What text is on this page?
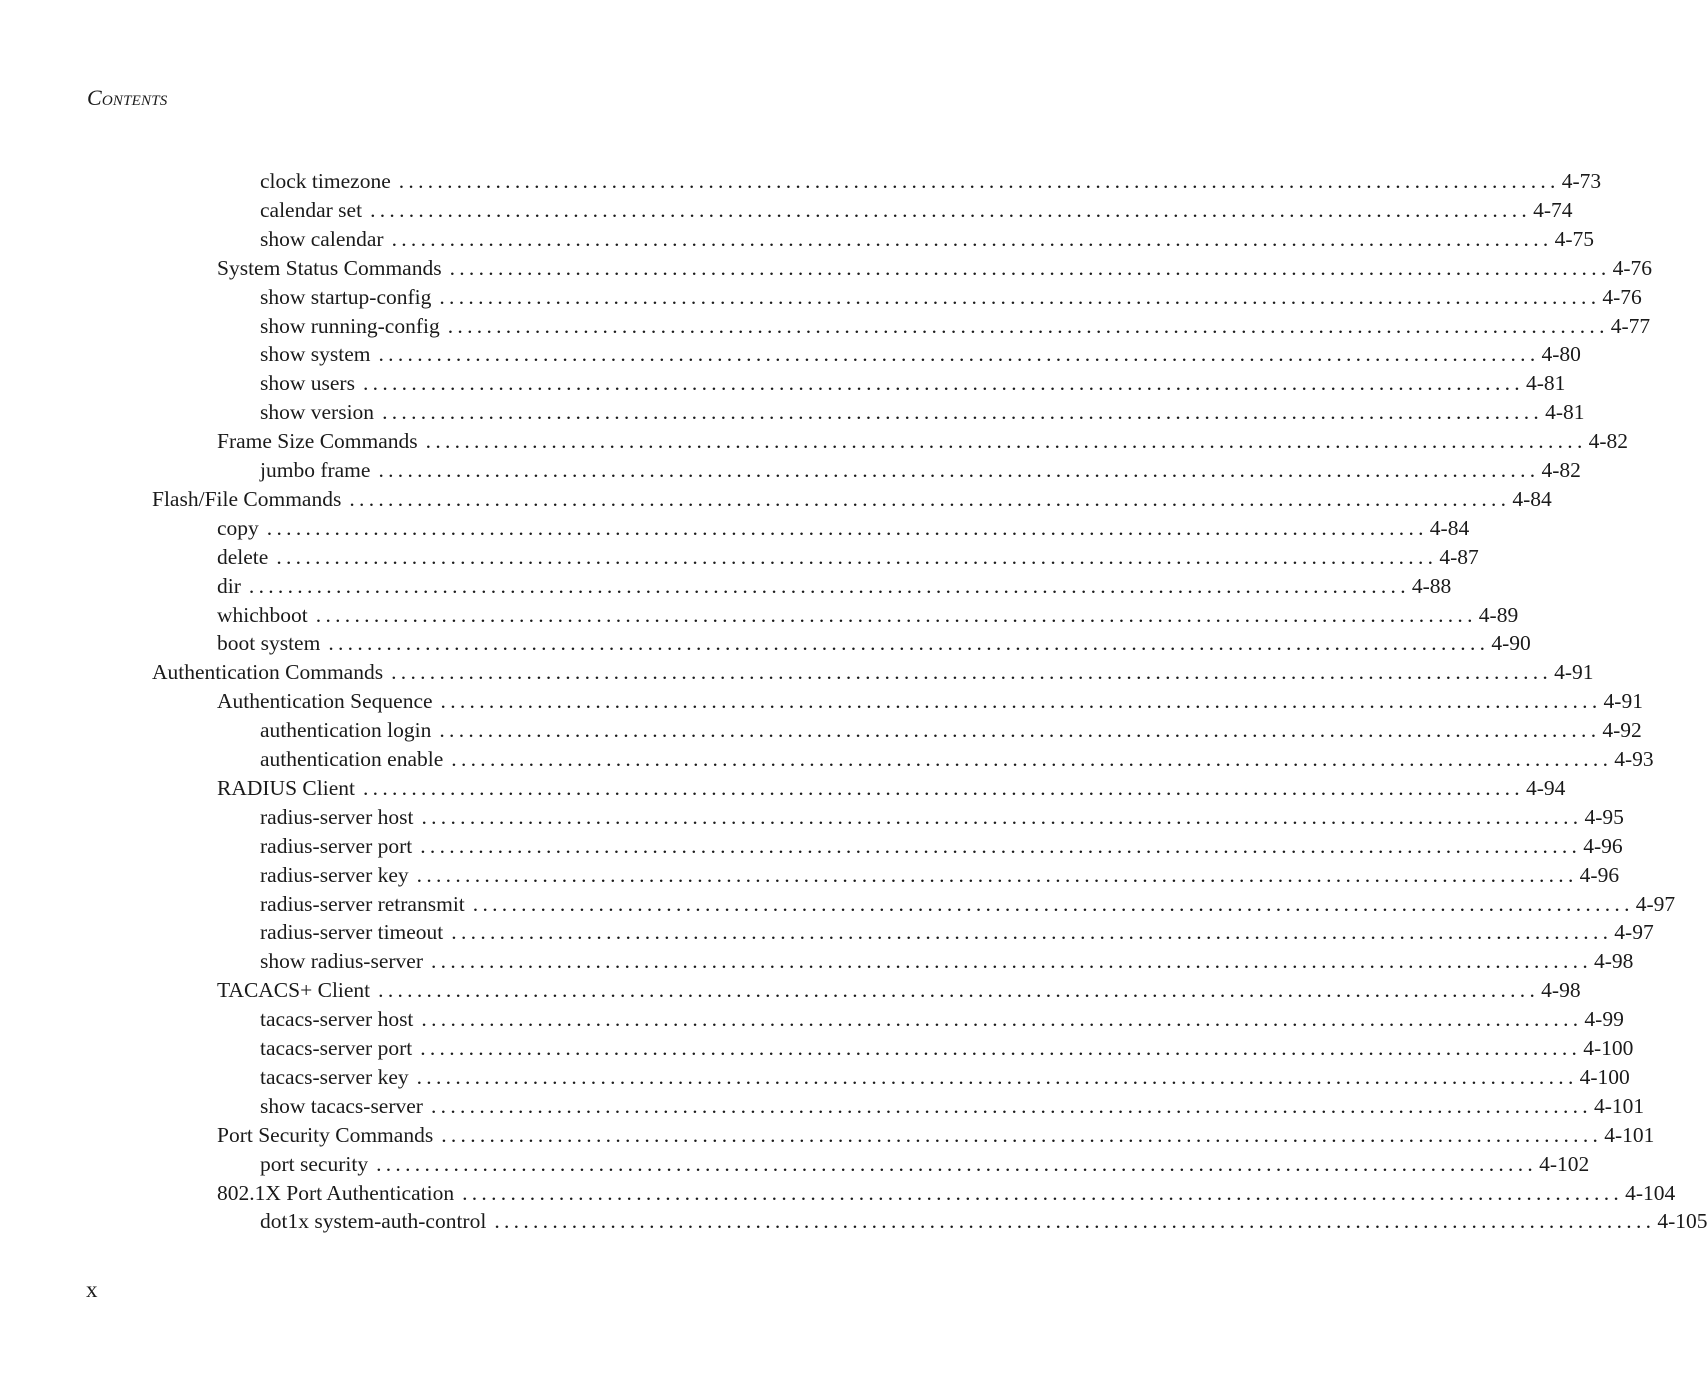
Contents
clock timezone ........................................................................................................................ 4-73
calendar set ........................................................................................................................ 4-74
show calendar ........................................................................................................................ 4-75
System Status Commands ........................................................................................................................ 4-76
show startup-config ........................................................................................................................ 4-76
show running-config ........................................................................................................................ 4-77
show system ........................................................................................................................ 4-80
show users ........................................................................................................................ 4-81
show version ........................................................................................................................ 4-81
Frame Size Commands ........................................................................................................................ 4-82
jumbo frame ........................................................................................................................ 4-82
Flash/File Commands ........................................................................................................................ 4-84
copy ........................................................................................................................ 4-84
delete ........................................................................................................................ 4-87
dir ........................................................................................................................ 4-88
whichboot ........................................................................................................................ 4-89
boot system ........................................................................................................................ 4-90
Authentication Commands ........................................................................................................................ 4-91
Authentication Sequence ........................................................................................................................ 4-91
authentication login ........................................................................................................................ 4-92
authentication enable ........................................................................................................................ 4-93
RADIUS Client ........................................................................................................................ 4-94
radius-server host ........................................................................................................................ 4-95
radius-server port ........................................................................................................................ 4-96
radius-server key ........................................................................................................................ 4-96
radius-server retransmit ........................................................................................................................ 4-97
radius-server timeout ........................................................................................................................ 4-97
show radius-server ........................................................................................................................ 4-98
TACACS+ Client ........................................................................................................................ 4-98
tacacs-server host ........................................................................................................................ 4-99
tacacs-server port ........................................................................................................................ 4-100
tacacs-server key ........................................................................................................................ 4-100
show tacacs-server ........................................................................................................................ 4-101
Port Security Commands ........................................................................................................................ 4-101
port security ........................................................................................................................ 4-102
802.1X Port Authentication ........................................................................................................................ 4-104
dot1x system-auth-control ........................................................................................................................ 4-105
x
